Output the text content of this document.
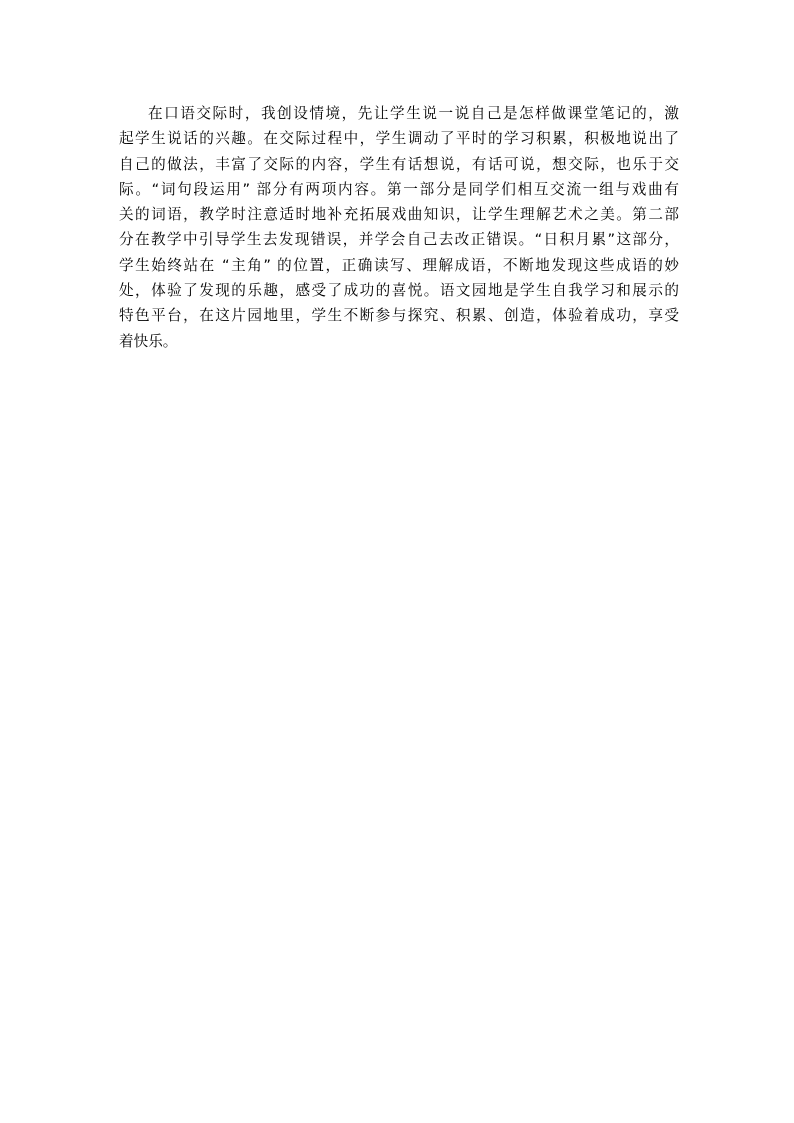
在口语交际时，我创设情境，先让学生说一说自己是怎样做课堂笔记的，激
起学生说话的兴趣。在交际过程中，学生调动了平时的学习积累，积极地说出了
自己的做法，丰富了交际的内容，学生有话想说，有话可说，想交际，也乐于交
际。“词句段运用” 部分有两项内容。第一部分是同学们相互交流一组与戏曲有
关的词语，教学时注意适时地补充拓展戏曲知识，让学生理解艺术之美。第二部
分在教学中引导学生去发现错误，并学会自己去改正错误。“日积月累”这部分，
学生始终站在 “主角” 的位置，正确读写、理解成语，不断地发现这些成语的妙
处，体验了发现的乐趣，感受了成功的喜悦。语文园地是学生自我学习和展示的
特色平台，在这片园地里，学生不断参与探究、积累、创造，体验着成功，享受
着快乐。
